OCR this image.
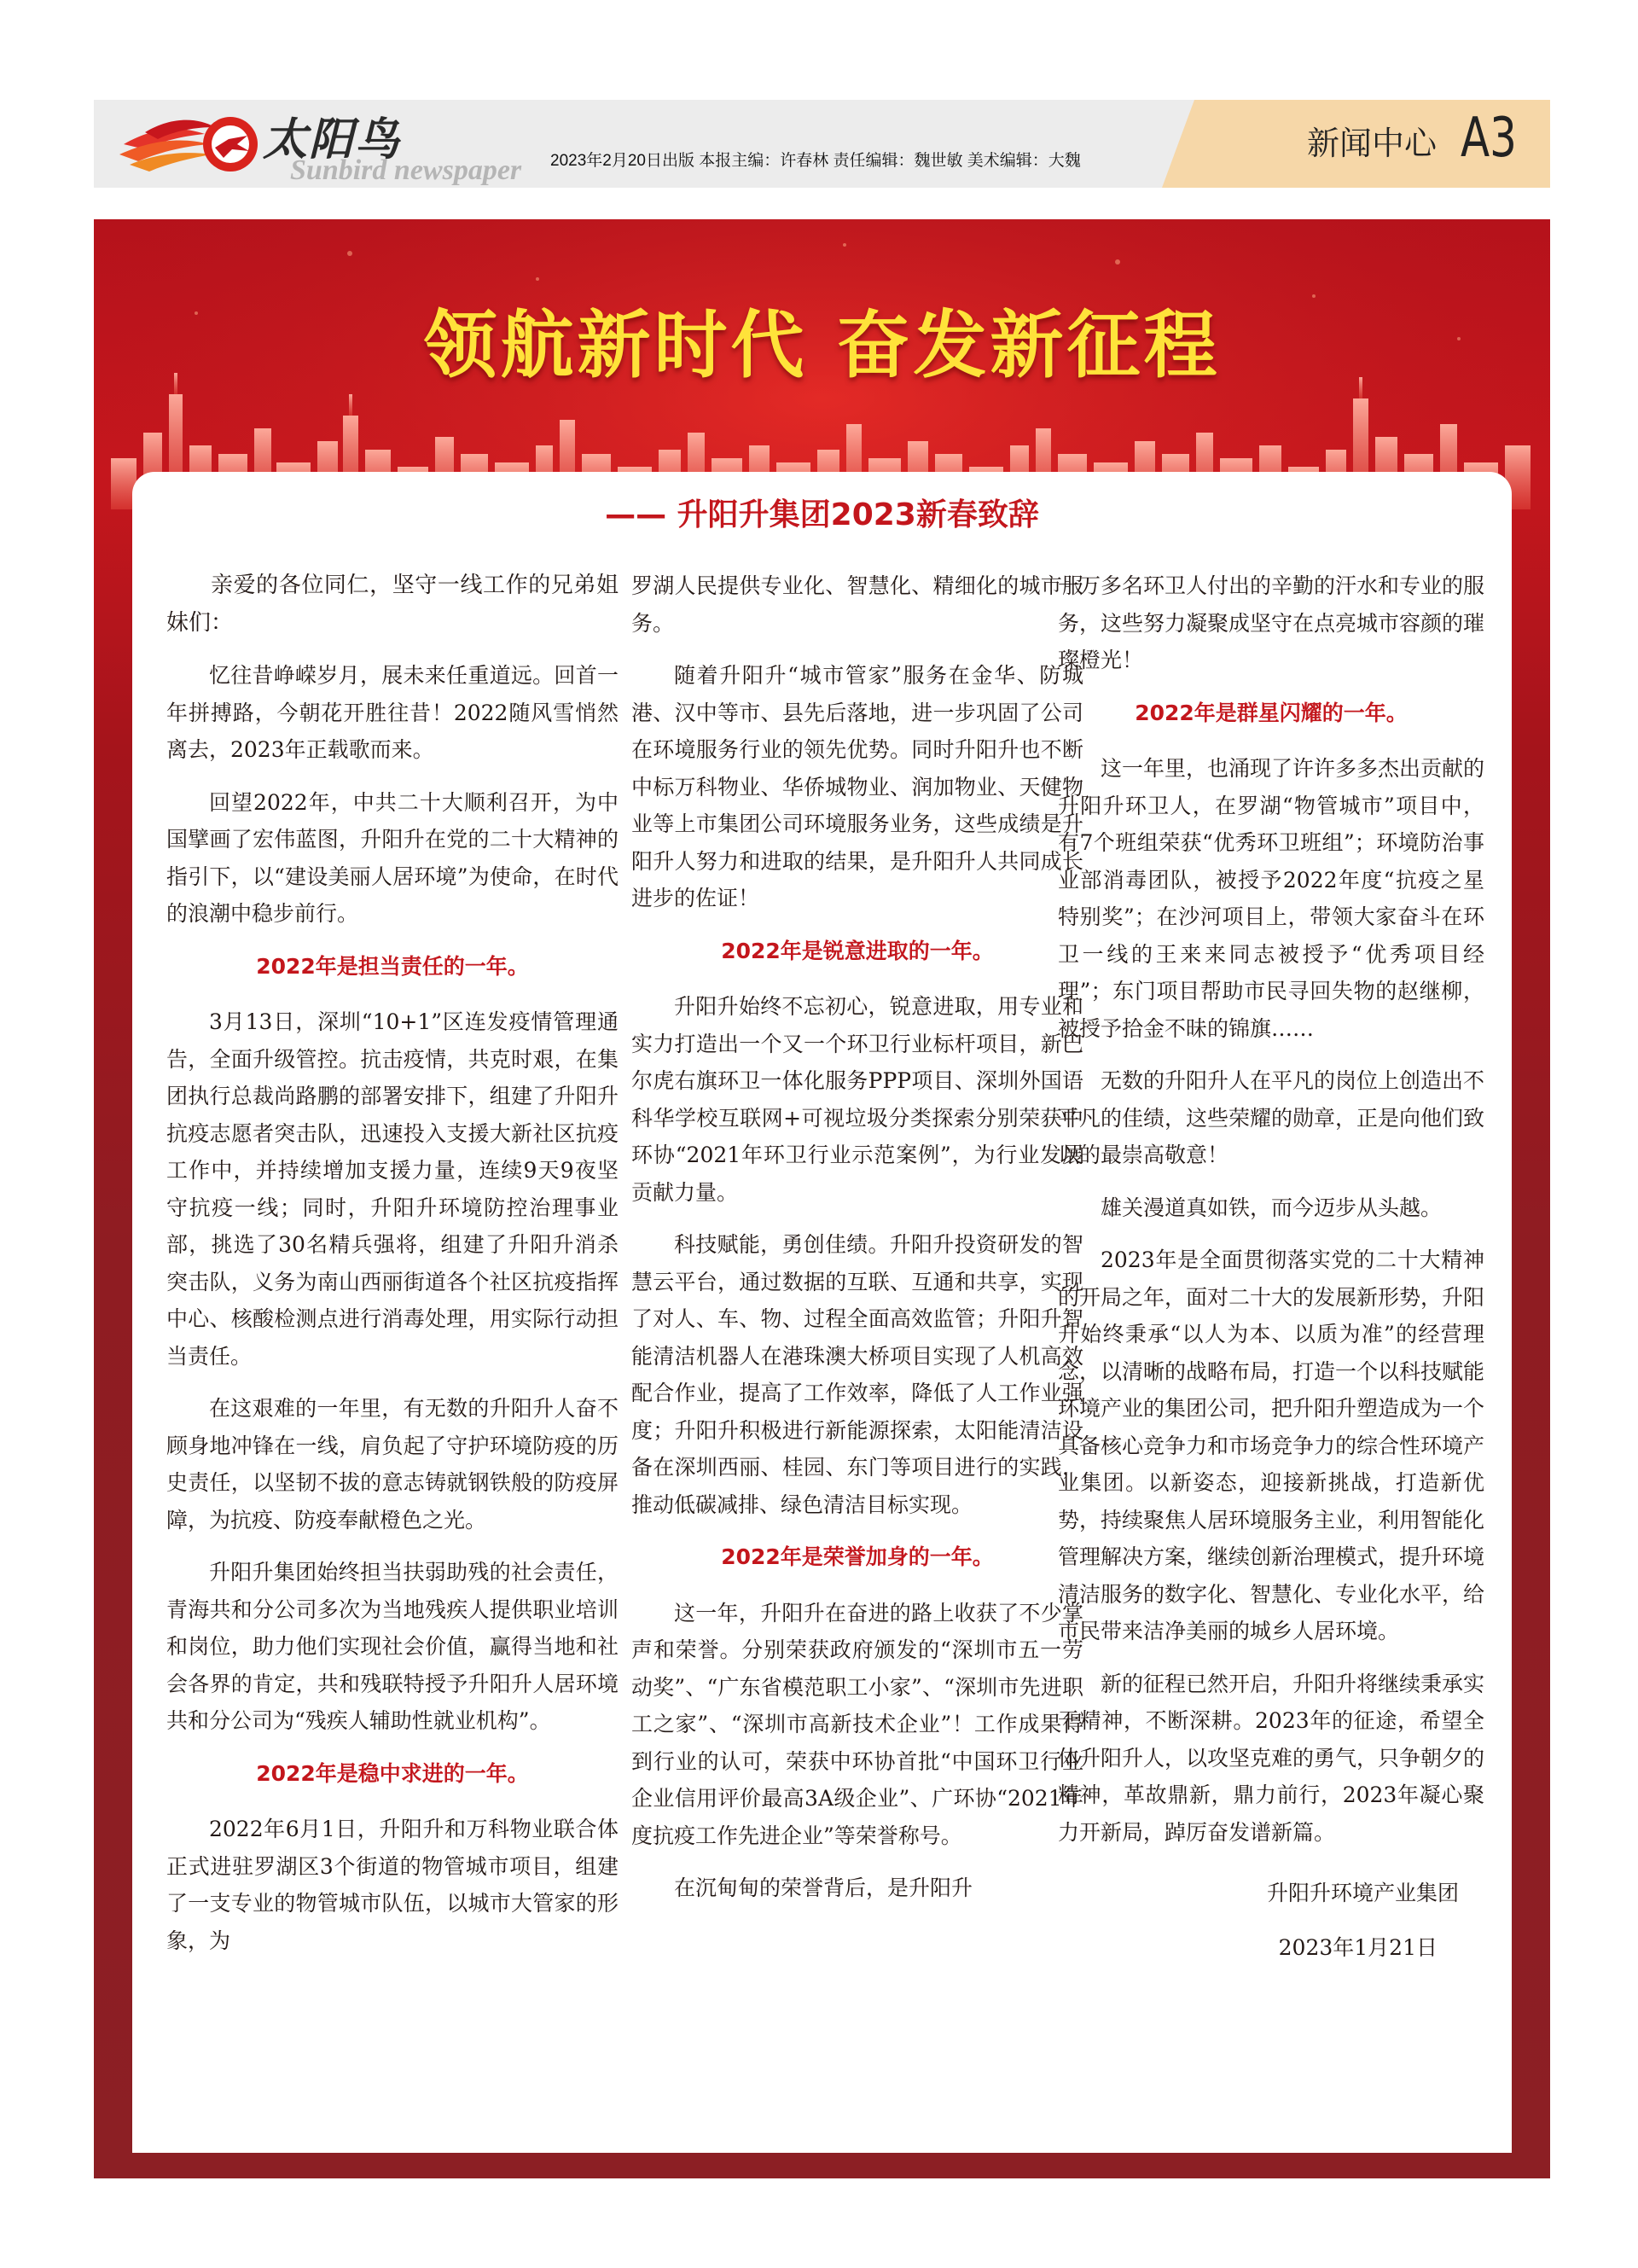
太阳鸟
Sunbird newspaper 2023年2月20日出版 本报主编：许春林 责任编辑：魏世敏 美术编辑：大魏	新闻中心 A3
领航新时代 奋发新征程
—— 升阳升集团2023新春致辞

亲爱的各位同仁，坚守一线工作的兄弟姐妹们：

忆往昔峥嵘岁月，展未来任重道远。回首一年拼搏路，今朝花开胜往昔！2022随风雪悄然离去，2023年正载歌而来。

回望2022年，中共二十大顺利召开，为中国擘画了宏伟蓝图，升阳升在党的二十大精神的指引下，以“建设美丽人居环境”为使命，在时代的浪潮中稳步前行。

2022年是担当责任的一年。

3月13日，深圳“10+1”区连发疫情管理通告，全面升级管控。抗击疫情，共克时艰，在集团执行总裁尚路鹏的部署安排下，组建了升阳升抗疫志愿者突击队，迅速投入支援大新社区抗疫工作中，并持续增加支援力量，连续9天9夜坚守抗疫一线；同时，升阳升环境防控治理事业部，挑选了30名精兵强将，组建了升阳升消杀突击队，义务为南山西丽街道各个社区抗疫指挥中心、核酸检测点进行消毒处理，用实际行动担当责任。

在这艰难的一年里，有无数的升阳升人奋不顾身地冲锋在一线，肩负起了守护环境防疫的历史责任，以坚韧不拔的意志铸就钢铁般的防疫屏障，为抗疫、防疫奉献橙色之光。

升阳升集团始终担当扶弱助残的社会责任，青海共和分公司多次为当地残疾人提供职业培训和岗位，助力他们实现社会价值，赢得当地和社会各界的肯定，共和残联特授予升阳升人居环境共和分公司为“残疾人辅助性就业机构”。

2022年是稳中求进的一年。

2022年6月1日，升阳升和万科物业联合体正式进驻罗湖区3个街道的物管城市项目，组建了一支专业的物管城市队伍，以城市大管家的形象，为

罗湖人民提供专业化、智慧化、精细化的城市服务。

随着升阳升“城市管家”服务在金华、防城港、汉中等市、县先后落地，进一步巩固了公司在环境服务行业的领先优势。同时升阳升也不断中标万科物业、华侨城物业、润加物业、天健物业等上市集团公司环境服务业务，这些成绩是升阳升人努力和进取的结果，是升阳升人共同成长进步的佐证！

2022年是锐意进取的一年。

升阳升始终不忘初心，锐意进取，用专业和实力打造出一个又一个环卫行业标杆项目，新巴尔虎右旗环卫一体化服务PPP项目、深圳外国语科华学校互联网+可视垃圾分类探索分别荣获中环协“2021年环卫行业示范案例”，为行业发展贡献力量。

科技赋能，勇创佳绩。升阳升投资研发的智慧云平台，通过数据的互联、互通和共享，实现了对人、车、物、过程全面高效监管；升阳升智能清洁机器人在港珠澳大桥项目实现了人机高效配合作业，提高了工作效率，降低了人工作业强度；升阳升积极进行新能源探索，太阳能清洁设备在深圳西丽、桂园、东门等项目进行的实践，推动低碳减排、绿色清洁目标实现。

2022年是荣誉加身的一年。

这一年，升阳升在奋进的路上收获了不少掌声和荣誉。分别荣获政府颁发的“深圳市五一劳动奖”、“广东省模范职工小家”、“深圳市先进职工之家”、“深圳市高新技术企业”！工作成果得到行业的认可，荣获中环协首批“中国环卫行业企业信用评价最高3A级企业”、广环协“2021年度抗疫工作先进企业”等荣誉称号。

在沉甸甸的荣誉背后，是升阳升

一万多名环卫人付出的辛勤的汗水和专业的服务，这些努力凝聚成坚守在点亮城市容颜的璀璨橙光！

2022年是群星闪耀的一年。

这一年里，也涌现了许许多多杰出贡献的升阳升环卫人，在罗湖“物管城市”项目中，有7个班组荣获“优秀环卫班组”；环境防治事业部消毒团队，被授予2022年度“抗疫之星特别奖”；在沙河项目上，带领大家奋斗在环卫一线的王来来同志被授予“优秀项目经理”；东门项目帮助市民寻回失物的赵继柳，被授予拾金不昧的锦旗……

无数的升阳升人在平凡的岗位上创造出不平凡的佳绩，这些荣耀的勋章，正是向他们致以的最崇高敬意！

雄关漫道真如铁，而今迈步从头越。

2023年是全面贯彻落实党的二十大精神的开局之年，面对二十大的发展新形势，升阳升始终秉承“以人为本、以质为准”的经营理念，以清晰的战略布局，打造一个以科技赋能环境产业的集团公司，把升阳升塑造成为一个具备核心竞争力和市场竞争力的综合性环境产业集团。以新姿态，迎接新挑战，打造新优势，持续聚焦人居环境服务主业，利用智能化管理解决方案，继续创新治理模式，提升环境清洁服务的数字化、智慧化、专业化水平，给市民带来洁净美丽的城乡人居环境。

新的征程已然开启，升阳升将继续秉承实干精神，不断深耕。2023年的征途，希望全体升阳升人，以攻坚克难的勇气，只争朝夕的精神，革故鼎新，鼎力前行，2023年凝心聚力开新局，踔厉奋发谱新篇。

升阳升环境产业集团

2023年1月21日
